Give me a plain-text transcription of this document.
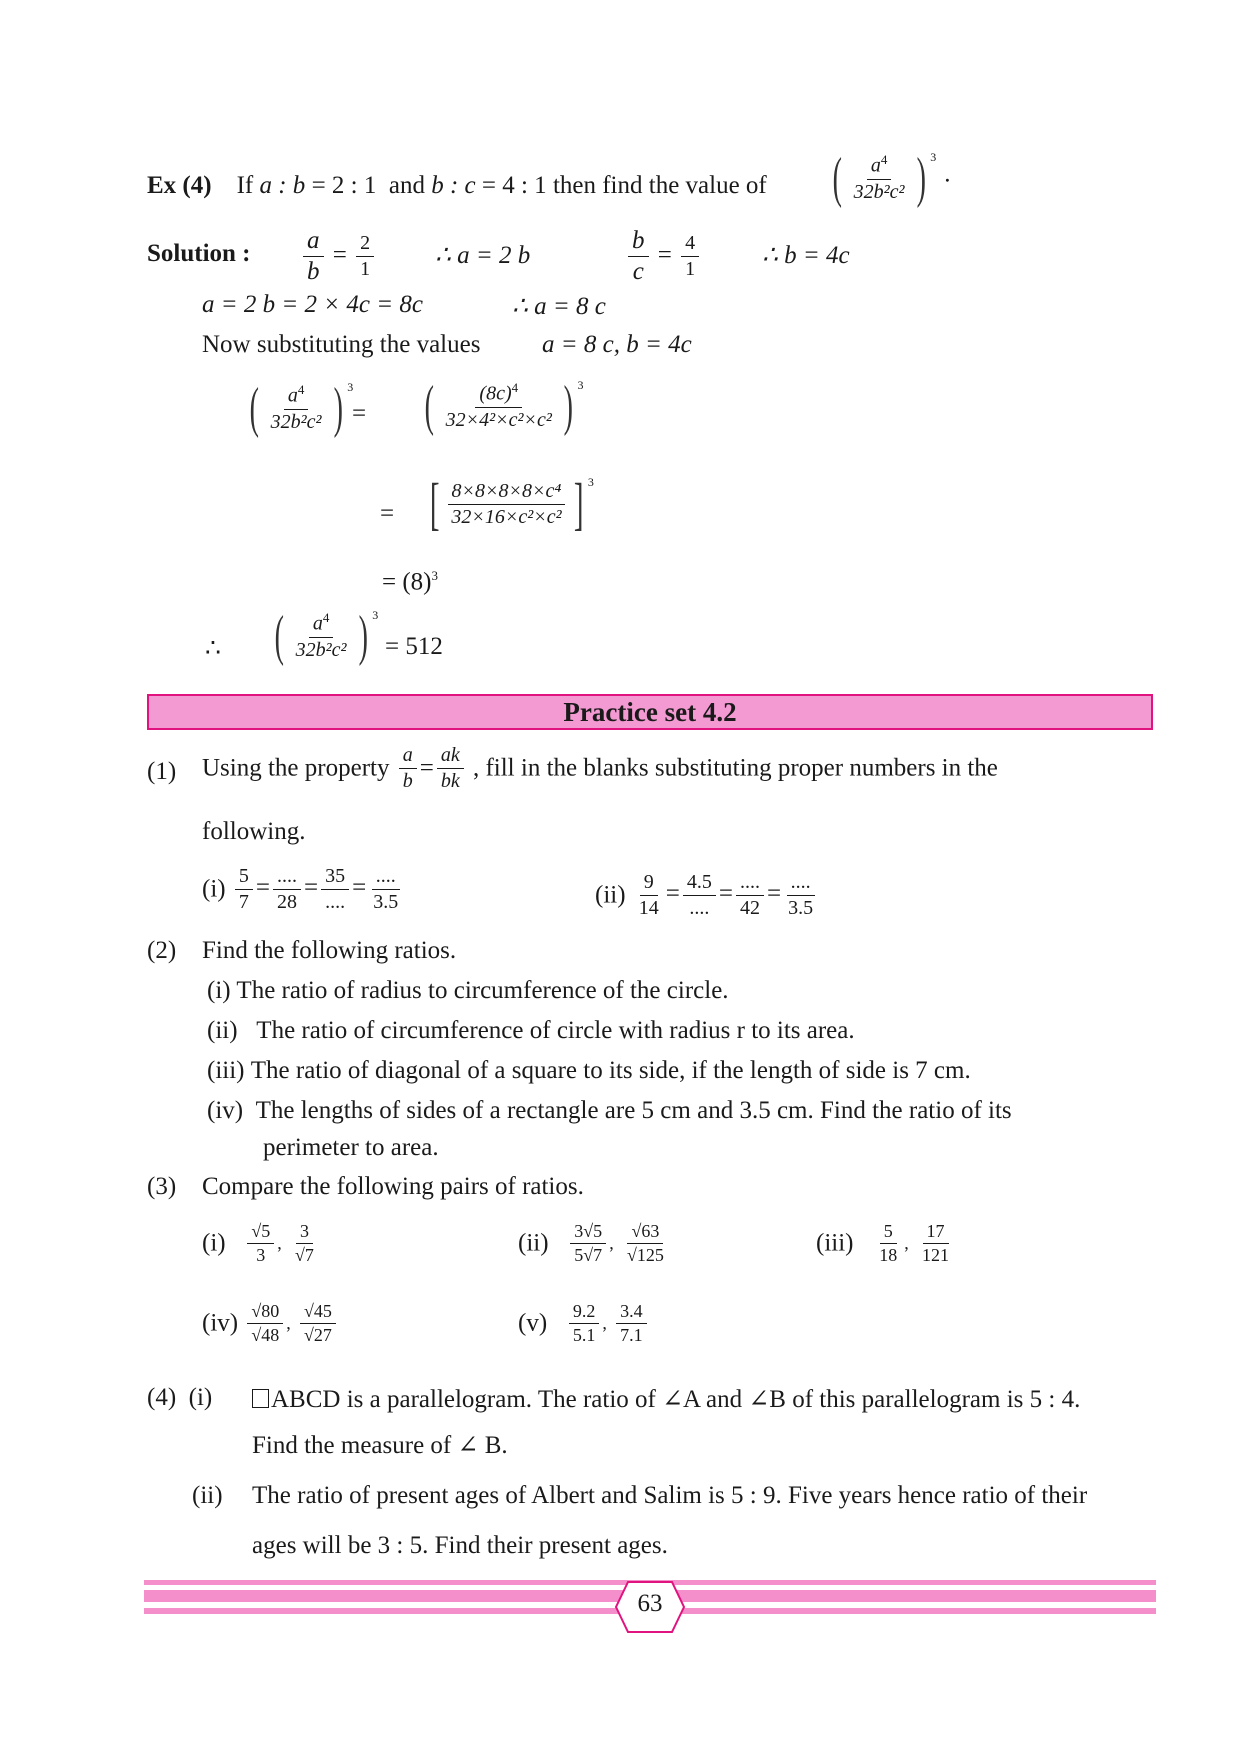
Ex (4) If a : b = 2 : 1 and b : c = 4 : 1 then find the value of ( $\frac{a^4}{\text{32b²c²}}$ ) $^3$  .
Solution : $\frac{a}{b} = \frac{2}{1}$ ∴ a = 2 b	$\frac{b}{c} = \frac{4}{1}$	∴ b = 4c
a = 2 b = 2 × 4c = 8c	∴ a = 8 c
Now substituting the values a = 8 c, b = 4c
( $\frac{a^4}{\text{32b²c²}}$ ) $^3$
= ( $\frac{(8c)^4}{\text{32×4²×c²×c²}}$ ) $^3$
= [ $\frac{\text{8×8×8×8×c⁴}}{\text{32×16×c²×c²}}$ ] $^3$
= $(8)^3$
∴ ( $\frac{a^4}{\text{32b²c²}}$ ) $^3$
= 512
Practice set 4.2
(1) Using the property $\frac{a}{b} = \frac{ak}{bk}$ , fill in the blanks substituting proper numbers in the
following.
$(i) \frac{5}{7} = \frac{....}{28} = \frac{35}{....} = \frac{....}{3.5}$	$(ii) \frac{9}{14} = \frac{4.5}{....} = \frac{....}{42} = \frac{....}{3.5}$
(2) Find the following ratios.
(i) The ratio of radius to circumference of the circle.
(ii) The ratio of circumference of circle with radius r to its area.
(iii) The ratio of diagonal of a square to its side, if the length of side is 7 cm.
(iv) The lengths of sides of a rectangle are 5 cm and 3.5 cm. Find the ratio of its
perimeter to area.
(3) Compare the following pairs of ratios.
$(i) \frac{√5}{3}$ , $\frac{3}{√7}$	$(ii) \frac{3√5}{5√7}$ , $\frac{√63}{√125}$	$(iii) \frac{5}{18}$ , $\frac{17}{121}$
$(iv) \frac{√80}{√48}$ , $\frac{√45}{√27}$	$(v) \frac{9.2}{5.1}$ , $\frac{3.4}{7.1}$
(4) (i)	ABCD is a parallelogram. The ratio of ∠A and ∠B of this parallelogram is 5 : 4.
Find the measure of ∠ B.
(ii) The ratio of present ages of Albert and Salim is 5 : 9. Five years hence ratio of their
ages will be 3 : 5. Find their present ages.
63
